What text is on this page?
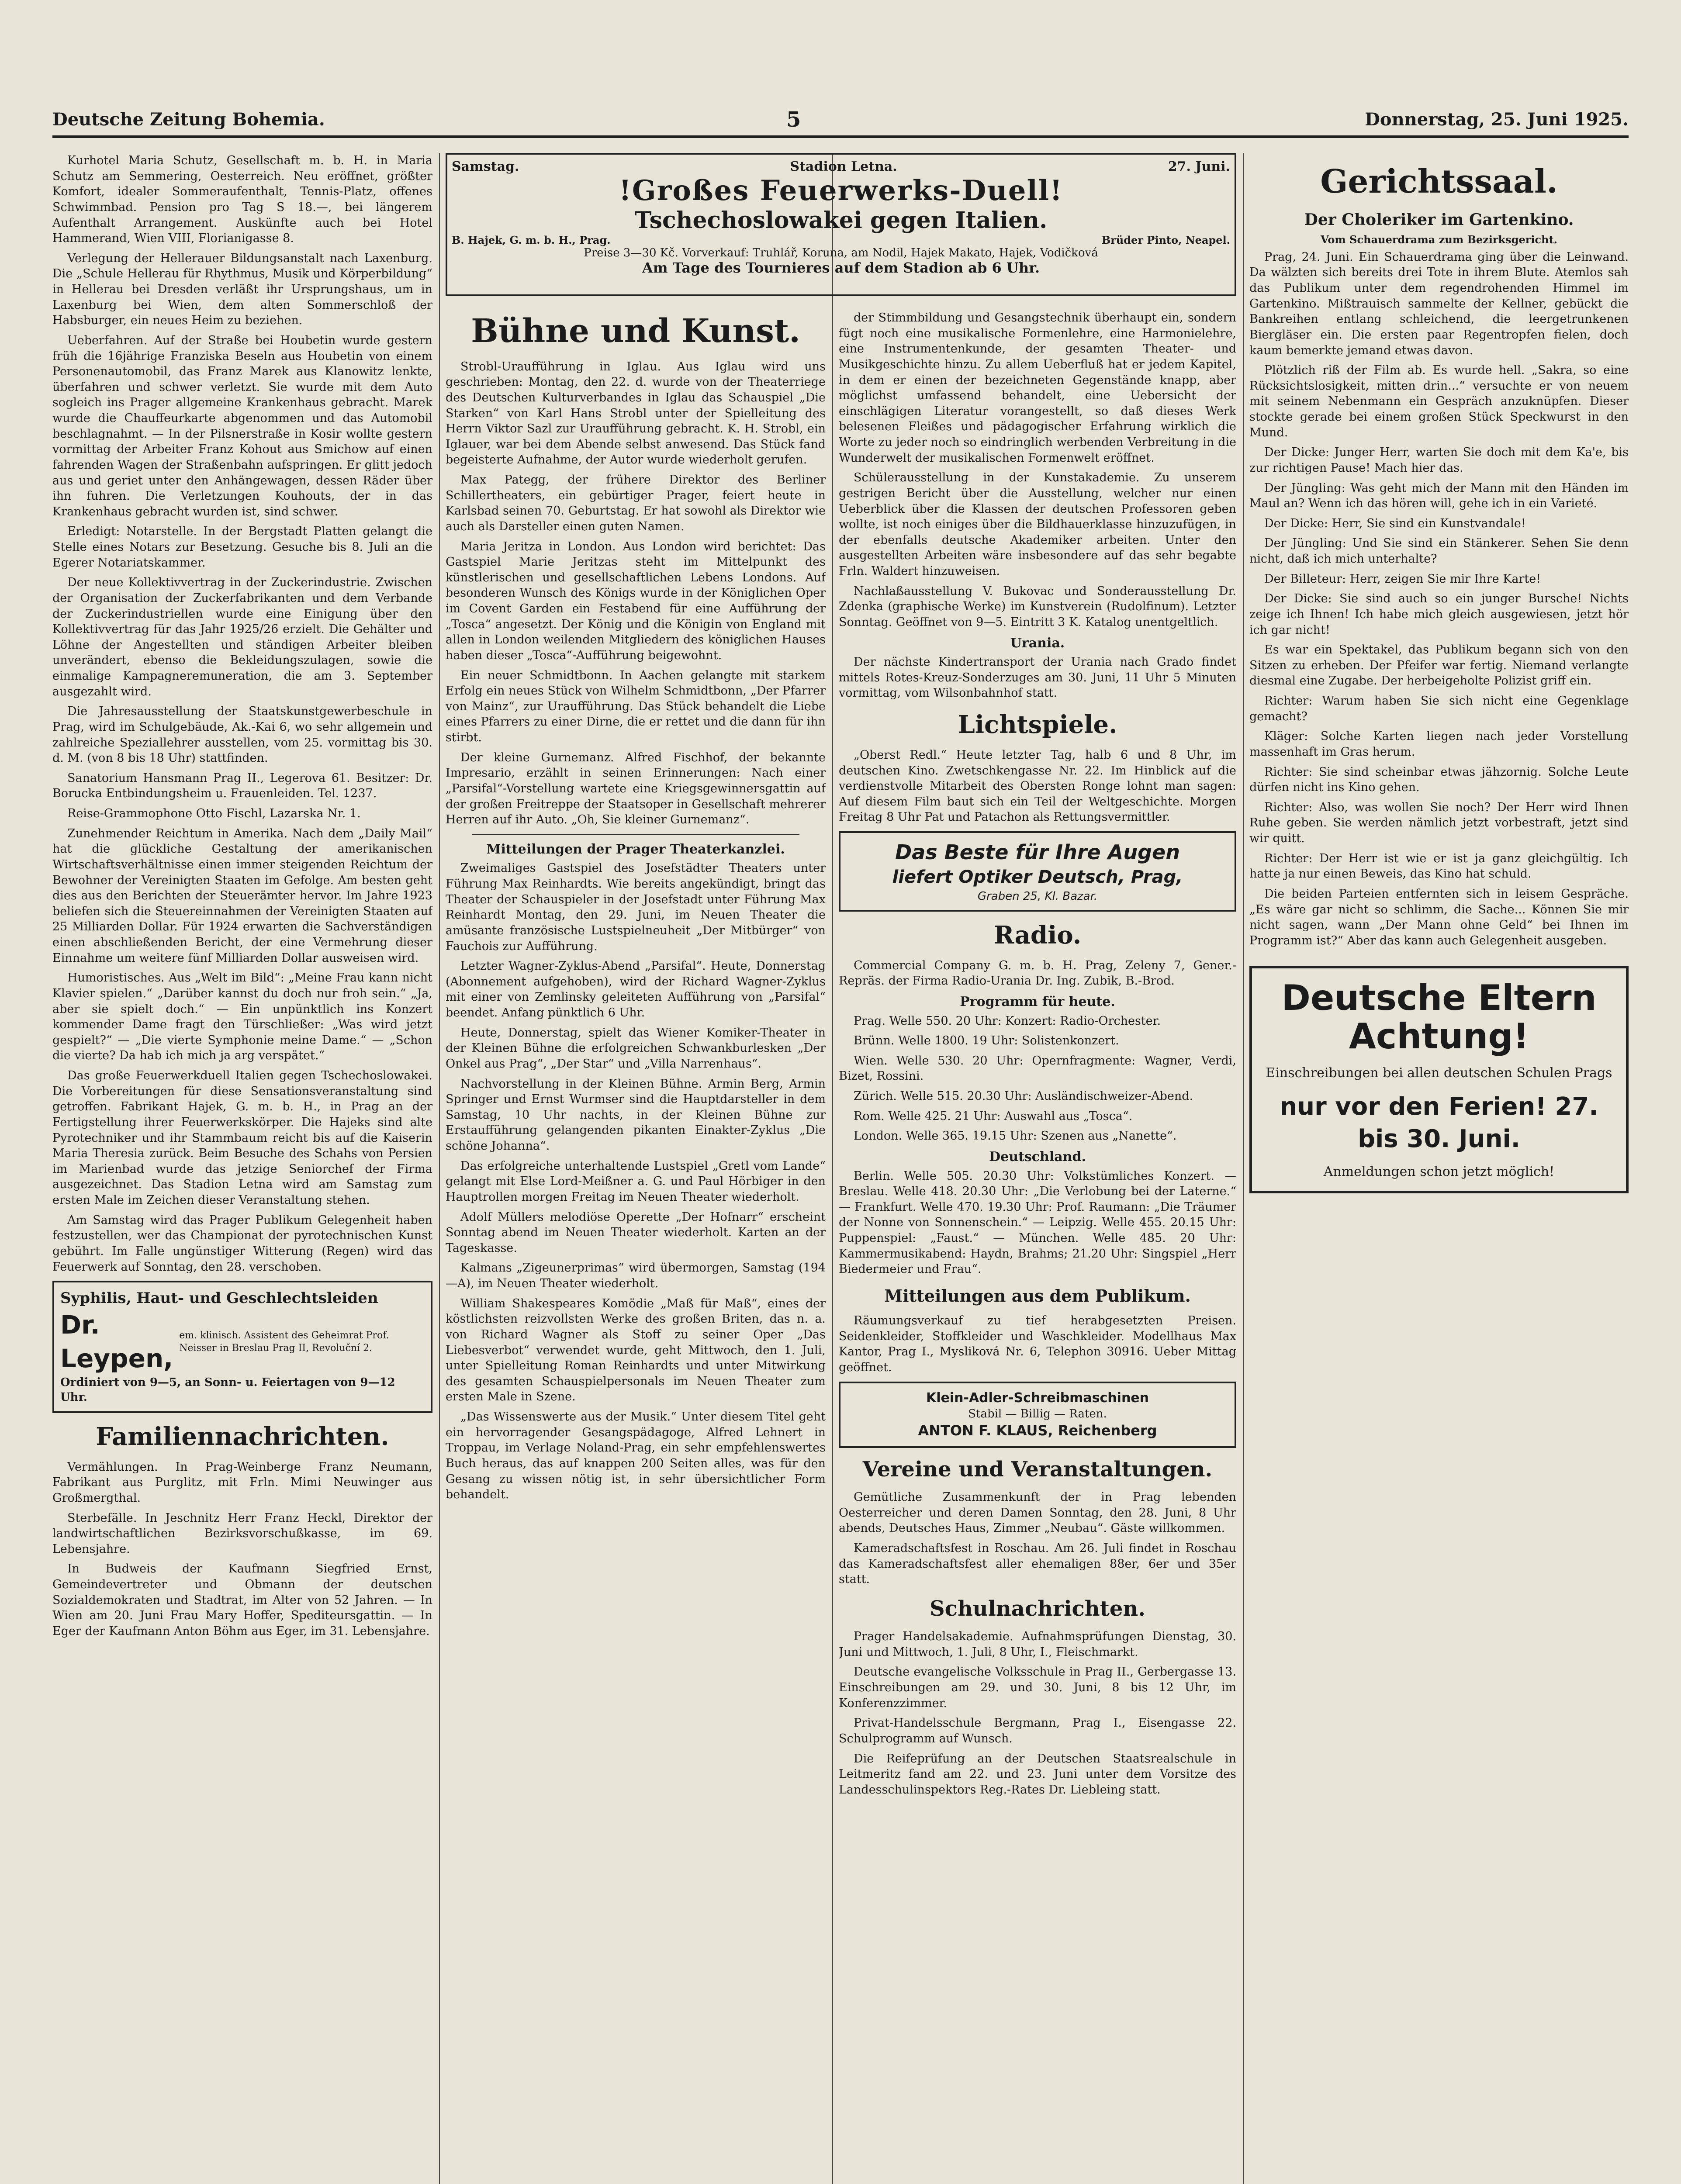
Deutsche Zeitung Bohemia.	5	Donnerstag, 25. Juni 1925.

Kurhotel Maria Schutz, Gesellschaft m. b. H. in Maria Schutz am Semmering, Oesterreich. Neu eröffnet, größter Komfort, idealer Sommeraufenthalt, Tennis-Platz, offenes Schwimmbad. Pension pro Tag S 18.—, bei längerem Aufenthalt Arrangement. Auskünfte auch bei Hotel Hammerand, Wien VIII, Florianigasse 8.

Verlegung der Hellerauer Bildungsanstalt nach Laxenburg. Die „Schule Hellerau für Rhythmus, Musik und Körperbildung“ in Hellerau bei Dresden verläßt ihr Ursprungshaus, um in Laxenburg bei Wien, dem alten Sommerschloß der Habsburger, ein neues Heim zu beziehen.

Ueberfahren. Auf der Straße bei Houbetin wurde gestern früh die 16jährige Franziska Beseln aus Houbetin von einem Personenautomobil, das Franz Marek aus Klanowitz lenkte, überfahren und schwer verletzt. Sie wurde mit dem Auto sogleich ins Prager allgemeine Krankenhaus gebracht. Marek wurde die Chauffeurkarte abgenommen und das Automobil beschlagnahmt. — In der Pilsnerstraße in Kosir wollte gestern vormittag der Arbeiter Franz Kohout aus Smichow auf einen fahrenden Wagen der Straßenbahn aufspringen. Er glitt jedoch aus und geriet unter den Anhängewagen, dessen Räder über ihn fuhren. Die Verletzungen Kouhouts, der in das Krankenhaus gebracht wurden ist, sind schwer.

Erledigt: Notarstelle. In der Bergstadt Platten gelangt die Stelle eines Notars zur Besetzung. Gesuche bis 8. Juli an die Egerer Notariatskammer.

Der neue Kollektivvertrag in der Zuckerindustrie. Zwischen der Organisation der Zuckerfabrikanten und dem Verbande der Zuckerindustriellen wurde eine Einigung über den Kollektivvertrag für das Jahr 1925/26 erzielt. Die Gehälter und Löhne der Angestellten und ständigen Arbeiter bleiben unverändert, ebenso die Bekleidungszulagen, sowie die einmalige Kampagneremuneration, die am 3. September ausgezahlt wird.

Die Jahresausstellung der Staatskunstgewerbeschule in Prag, wird im Schulgebäude, Ak.-Kai 6, wo sehr allgemein und zahlreiche Speziallehrer ausstellen, vom 25. vormittag bis 30. d. M. (von 8 bis 18 Uhr) stattfinden.

Sanatorium Hansmann Prag II., Legerova 61. Besitzer: Dr. Borucka Entbindungsheim u. Frauenleiden. Tel. 1237.

Reise-Grammophone Otto Fischl, Lazarska Nr. 1.

Zunehmender Reichtum in Amerika. Nach dem „Daily Mail“ hat die glückliche Gestaltung der amerikanischen Wirtschaftsverhältnisse einen immer steigenden Reichtum der Bewohner der Vereinigten Staaten im Gefolge. Am besten geht dies aus den Berichten der Steuerämter hervor. Im Jahre 1923 beliefen sich die Steuereinnahmen der Vereinigten Staaten auf 25 Milliarden Dollar. Für 1924 erwarten die Sachverständigen einen abschließenden Bericht, der eine Vermehrung dieser Einnahme um weitere fünf Milliarden Dollar ausweisen wird.

Humoristisches. Aus „Welt im Bild“: „Meine Frau kann nicht Klavier spielen.“ „Darüber kannst du doch nur froh sein.“ „Ja, aber sie spielt doch.“ — Ein unpünktlich ins Konzert kommender Dame fragt den Türschließer: „Was wird jetzt gespielt?“ — „Die vierte Symphonie meine Dame.“ — „Schon die vierte? Da hab ich mich ja arg verspätet.“

Das große Feuerwerkduell Italien gegen Tschechoslowakei. Die Vorbereitungen für diese Sensationsveranstaltung sind getroffen. Fabrikant Hajek, G. m. b. H., in Prag an der Fertigstellung ihrer Feuerwerkskörper. Die Hajeks sind alte Pyrotechniker und ihr Stammbaum reicht bis auf die Kaiserin Maria Theresia zurück. Beim Besuche des Schahs von Persien im Marienbad wurde das jetzige Seniorchef der Firma ausgezeichnet. Das Stadion Letna wird am Samstag zum ersten Male im Zeichen dieser Veranstaltung stehen.

Am Samstag wird das Prager Publikum Gelegenheit haben festzustellen, wer das Championat der pyrotechnischen Kunst gebührt. Im Falle ungünstiger Witterung (Regen) wird das Feuerwerk auf Sonntag, den 28. verschoben.

Syphilis, Haut- und Geschlechtsleiden
Dr. Leypen,
em. klinisch. Assistent des Geheimrat Prof. Neisser in Breslau Prag II, Revoluční 2.
Ordiniert von 9—5, an Sonn- u. Feiertagen von 9—12 Uhr.
Familiennachrichten.

Vermählungen. In Prag-Weinberge Franz Neumann, Fabrikant aus Purglitz, mit Frln. Mimi Neuwinger aus Großmergthal.

Sterbefälle. In Jeschnitz Herr Franz Heckl, Direktor der landwirtschaftlichen Bezirksvorschußkasse, im 69. Lebensjahre.

In Budweis der Kaufmann Siegfried Ernst, Gemeindevertreter und Obmann der deutschen Sozialdemokraten und Stadtrat, im Alter von 52 Jahren. — In Wien am 20. Juni Frau Mary Hoffer, Spediteursgattin. — In Eger der Kaufmann Anton Böhm aus Eger, im 31. Lebensjahre.

Samstag.	Stadion Letna.	27. Juni.
!Großes Feuerwerks-Duell!
Tschechoslowakei gegen Italien.
B. Hajek, G. m. b. H., Prag.	Brüder Pinto, Neapel.
Preise 3—30 Kč. Vorverkauf: Truhlář, Koruna, am Nodil, Hajek Makato, Hajek, Vodičková
Am Tage des Tournieres auf dem Stadion ab 6 Uhr.
Bühne und Kunst.

Strobl-Uraufführung in Iglau. Aus Iglau wird uns geschrieben: Montag, den 22. d. wurde von der Theaterriege des Deutschen Kulturverbandes in Iglau das Schauspiel „Die Starken“ von Karl Hans Strobl unter der Spielleitung des Herrn Viktor Sazl zur Uraufführung gebracht. K. H. Strobl, ein Iglauer, war bei dem Abende selbst anwesend. Das Stück fand begeisterte Aufnahme, der Autor wurde wiederholt gerufen.

Max Pategg, der frühere Direktor des Berliner Schillertheaters, ein gebürtiger Prager, feiert heute in Karlsbad seinen 70. Geburtstag. Er hat sowohl als Direktor wie auch als Darsteller einen guten Namen.

Maria Jeritza in London. Aus London wird berichtet: Das Gastspiel Marie Jeritzas steht im Mittelpunkt des künstlerischen und gesellschaftlichen Lebens Londons. Auf besonderen Wunsch des Königs wurde in der Königlichen Oper im Covent Garden ein Festabend für eine Aufführung der „Tosca“ angesetzt. Der König und die Königin von England mit allen in London weilenden Mitgliedern des königlichen Hauses haben dieser „Tosca“-Aufführung beigewohnt.

Ein neuer Schmidtbonn. In Aachen gelangte mit starkem Erfolg ein neues Stück von Wilhelm Schmidtbonn, „Der Pfarrer von Mainz“, zur Uraufführung. Das Stück behandelt die Liebe eines Pfarrers zu einer Dirne, die er rettet und die dann für ihn stirbt.

Der kleine Gurnemanz. Alfred Fischhof, der bekannte Impresario, erzählt in seinen Erinnerungen: Nach einer „Parsifal“-Vorstellung wartete eine Kriegsgewinnersgattin auf der großen Freitreppe der Staatsoper in Gesellschaft mehrerer Herren auf ihr Auto. „Oh, Sie kleiner Gurnemanz“.

Mitteilungen der Prager Theaterkanzlei.

Zweimaliges Gastspiel des Josefstädter Theaters unter Führung Max Reinhardts. Wie bereits angekündigt, bringt das Theater der Schauspieler in der Josefstadt unter Führung Max Reinhardt Montag, den 29. Juni, im Neuen Theater die amüsante französische Lustspielneuheit „Der Mitbürger“ von Fauchois zur Aufführung.

Letzter Wagner-Zyklus-Abend „Parsifal“. Heute, Donnerstag (Abonnement aufgehoben), wird der Richard Wagner-Zyklus mit einer von Zemlinsky geleiteten Aufführung von „Parsifal“ beendet. Anfang pünktlich 6 Uhr.

Heute, Donnerstag, spielt das Wiener Komiker-Theater in der Kleinen Bühne die erfolgreichen Schwankburlesken „Der Onkel aus Prag“, „Der Star“ und „Villa Narrenhaus“.

Nachvorstellung in der Kleinen Bühne. Armin Berg, Armin Springer und Ernst Wurmser sind die Hauptdarsteller in dem Samstag, 10 Uhr nachts, in der Kleinen Bühne zur Erstaufführung gelangenden pikanten Einakter-Zyklus „Die schöne Johanna“.

Das erfolgreiche unterhaltende Lustspiel „Gretl vom Lande“ gelangt mit Else Lord-Meißner a. G. und Paul Hörbiger in den Hauptrollen morgen Freitag im Neuen Theater wiederholt.

Adolf Müllers melodiöse Operette „Der Hofnarr“ erscheint Sonntag abend im Neuen Theater wiederholt. Karten an der Tageskasse.

Kalmans „Zigeunerprimas“ wird übermorgen, Samstag (194—A), im Neuen Theater wiederholt.

William Shakespeares Komödie „Maß für Maß“, eines der köstlichsten reizvollsten Werke des großen Briten, das n. a. von Richard Wagner als Stoff zu seiner Oper „Das Liebesverbot“ verwendet wurde, geht Mittwoch, den 1. Juli, unter Spielleitung Roman Reinhardts und unter Mitwirkung des gesamten Schauspielpersonals im Neuen Theater zum ersten Male in Szene.

„Das Wissenswerte aus der Musik.“ Unter diesem Titel geht ein hervorragender Gesangspädagoge, Alfred Lehnert in Troppau, im Verlage Noland-Prag, ein sehr empfehlenswertes Buch heraus, das auf knappen 200 Seiten alles, was für den Gesang zu wissen nötig ist, in sehr übersichtlicher Form behandelt.

der Stimmbildung und Gesangstechnik überhaupt ein, sondern fügt noch eine musikalische Formenlehre, eine Harmonielehre, eine Instrumentenkunde, der gesamten Theater- und Musikgeschichte hinzu. Zu allem Ueberfluß hat er jedem Kapitel, in dem er einen der bezeichneten Gegenstände knapp, aber möglichst umfassend behandelt, eine Uebersicht der einschlägigen Literatur vorangestellt, so daß dieses Werk belesenen Fleißes und pädagogischer Erfahrung wirklich die Worte zu jeder noch so eindringlich werbenden Verbreitung in die Wunderwelt der musikalischen Formenwelt eröffnet.

Schülerausstellung in der Kunstakademie. Zu unserem gestrigen Bericht über die Ausstellung, welcher nur einen Ueberblick über die Klassen der deutschen Professoren geben wollte, ist noch einiges über die Bildhauerklasse hinzuzufügen, in der ebenfalls deutsche Akademiker arbeiten. Unter den ausgestellten Arbeiten wäre insbesondere auf das sehr begabte Frln. Waldert hinzuweisen.

Nachlaßausstellung V. Bukovac und Sonderausstellung Dr. Zdenka (graphische Werke) im Kunstverein (Rudolfinum). Letzter Sonntag. Geöffnet von 9—5. Eintritt 3 K. Katalog unentgeltlich.

Urania.

Der nächste Kindertransport der Urania nach Grado findet mittels Rotes-Kreuz-Sonderzuges am 30. Juni, 11 Uhr 5 Minuten vormittag, vom Wilsonbahnhof statt.

Lichtspiele.

„Oberst Redl.“ Heute letzter Tag, halb 6 und 8 Uhr, im deutschen Kino. Zwetschkengasse Nr. 22. Im Hinblick auf die verdienstvolle Mitarbeit des Obersten Ronge lohnt man sagen: Auf diesem Film baut sich ein Teil der Weltgeschichte. Morgen Freitag 8 Uhr Pat und Patachon als Rettungsvermittler.

Das Beste für Ihre Augen
liefert Optiker Deutsch, Prag,
Graben 25, Kl. Bazar.
Radio.

Commercial Company G. m. b. H. Prag, Zeleny 7, Gener.-Repräs. der Firma Radio-Urania Dr. Ing. Zubik, B.-Brod.

Programm für heute.

Prag. Welle 550. 20 Uhr: Konzert: Radio-Orchester.

Brünn. Welle 1800. 19 Uhr: Solistenkonzert.

Wien. Welle 530. 20 Uhr: Opernfragmente: Wagner, Verdi, Bizet, Rossini.

Zürich. Welle 515. 20.30 Uhr: Ausländischweizer-Abend.

Rom. Welle 425. 21 Uhr: Auswahl aus „Tosca“.

London. Welle 365. 19.15 Uhr: Szenen aus „Nanette“.

Deutschland.

Berlin. Welle 505. 20.30 Uhr: Volkstümliches Konzert. — Breslau. Welle 418. 20.30 Uhr: „Die Verlobung bei der Laterne.“ — Frankfurt. Welle 470. 19.30 Uhr: Prof. Raumann: „Die Träumer der Nonne von Sonnenschein.“ — Leipzig. Welle 455. 20.15 Uhr: Puppenspiel: „Faust.“ — München. Welle 485. 20 Uhr: Kammermusikabend: Haydn, Brahms; 21.20 Uhr: Singspiel „Herr Biedermeier und Frau“.

Mitteilungen aus dem Publikum.

Räumungsverkauf zu tief herabgesetzten Preisen. Seidenkleider, Stoffkleider und Waschkleider. Modellhaus Max Kantor, Prag I., Mysliková Nr. 6, Telephon 30916. Ueber Mittag geöffnet.

Klein-Adler-Schreibmaschinen
Stabil — Billig — Raten.
ANTON F. KLAUS, Reichenberg
Vereine und Veranstaltungen.

Gemütliche Zusammenkunft der in Prag lebenden Oesterreicher und deren Damen Sonntag, den 28. Juni, 8 Uhr abends, Deutsches Haus, Zimmer „Neubau“. Gäste willkommen.

Kameradschaftsfest in Roschau. Am 26. Juli findet in Roschau das Kameradschaftsfest aller ehemaligen 88er, 6er und 35er statt.

Schulnachrichten.

Prager Handelsakademie. Aufnahmsprüfungen Dienstag, 30. Juni und Mittwoch, 1. Juli, 8 Uhr, I., Fleischmarkt.

Deutsche evangelische Volksschule in Prag II., Gerbergasse 13. Einschreibungen am 29. und 30. Juni, 8 bis 12 Uhr, im Konferenzzimmer.

Privat-Handelsschule Bergmann, Prag I., Eisengasse 22. Schulprogramm auf Wunsch.

Die Reifeprüfung an der Deutschen Staatsrealschule in Leitmeritz fand am 22. und 23. Juni unter dem Vorsitze des Landesschulinspektors Reg.-Rates Dr. Liebleing statt.

Gerichtssaal.
Der Choleriker im Gartenkino.
Vom Schauerdrama zum Bezirksgericht.

Prag, 24. Juni. Ein Schauerdrama ging über die Leinwand. Da wälzten sich bereits drei Tote in ihrem Blute. Atemlos sah das Publikum unter dem regendrohenden Himmel im Gartenkino. Mißtrauisch sammelte der Kellner, gebückt die Bankreihen entlang schleichend, die leergetrunkenen Biergläser ein. Die ersten paar Regentropfen fielen, doch kaum bemerkte jemand etwas davon.

Plötzlich riß der Film ab. Es wurde hell. „Sakra, so eine Rücksichtslosigkeit, mitten drin...“ versuchte er von neuem mit seinem Nebenmann ein Gespräch anzuknüpfen. Dieser stockte gerade bei einem großen Stück Speckwurst in den Mund.

Der Dicke: Junger Herr, warten Sie doch mit dem Ka'e, bis zur richtigen Pause! Mach hier das.

Der Jüngling: Was geht mich der Mann mit den Händen im Maul an? Wenn ich das hören will, gehe ich in ein Varieté.

Der Dicke: Herr, Sie sind ein Kunstvandale!

Der Jüngling: Und Sie sind ein Stänkerer. Sehen Sie denn nicht, daß ich mich unterhalte?

Der Billeteur: Herr, zeigen Sie mir Ihre Karte!

Der Dicke: Sie sind auch so ein junger Bursche! Nichts zeige ich Ihnen! Ich habe mich gleich ausgewiesen, jetzt hör ich gar nicht!

Es war ein Spektakel, das Publikum begann sich von den Sitzen zu erheben. Der Pfeifer war fertig. Niemand verlangte diesmal eine Zugabe. Der herbeigeholte Polizist griff ein.

Richter: Warum haben Sie sich nicht eine Gegenklage gemacht?

Kläger: Solche Karten liegen nach jeder Vorstellung massenhaft im Gras herum.

Richter: Sie sind scheinbar etwas jähzornig. Solche Leute dürfen nicht ins Kino gehen.

Richter: Also, was wollen Sie noch? Der Herr wird Ihnen Ruhe geben. Sie werden nämlich jetzt vorbestraft, jetzt sind wir quitt.

Richter: Der Herr ist wie er ist ja ganz gleichgültig. Ich hatte ja nur einen Beweis, das Kino hat schuld.

Die beiden Parteien entfernten sich in leisem Gespräche. „Es wäre gar nicht so schlimm, die Sache... Können Sie mir nicht sagen, wann „Der Mann ohne Geld“ bei Ihnen im Programm ist?“ Aber das kann auch Gelegenheit ausgeben.

Deutsche Eltern Achtung!
Einschreibungen bei allen deutschen Schulen Prags
nur vor den Ferien! 27. bis 30. Juni.
Anmeldungen schon jetzt möglich!
